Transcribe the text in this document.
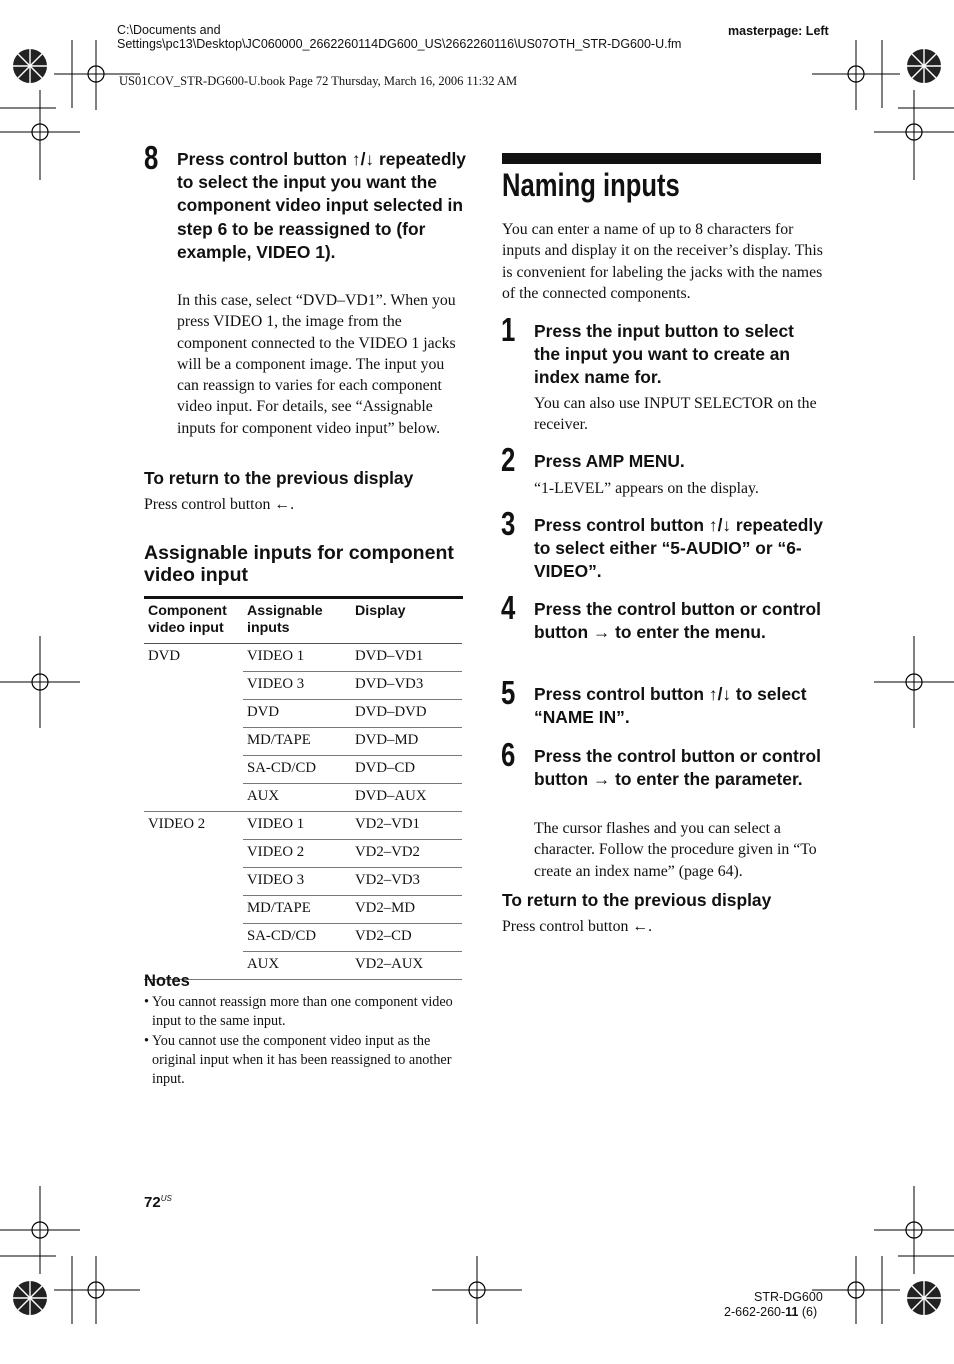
C:\Documents and Settings\pc13\Desktop\JC060000_2662260114DG600_US\2662260116\US07OTH_STR-DG600-U.fm
US01COV_STR-DG600-U.book Page 72 Thursday, March 16, 2006 11:32 AM
masterpage: Left
8 Press control button ↑/↓ repeatedly to select the input you want the component video input selected in step 6 to be reassigned to (for example, VIDEO 1).
In this case, select “DVD–VD1”. When you press VIDEO 1, the image from the component connected to the VIDEO 1 jacks will be a component image. The input you can reassign to varies for each component video input. For details, see “Assignable inputs for component video input” below.
To return to the previous display
Press control button ←.
Assignable inputs for component video input
Component video input	Assignable inputs	Display
DVD	VIDEO 1	DVD–VD1
	VIDEO 3	DVD–VD3
	DVD	DVD–DVD
	MD/TAPE	DVD–MD
	SA-CD/CD	DVD–CD
	AUX	DVD–AUX
VIDEO 2	VIDEO 1	VD2–VD1
	VIDEO 2	VD2–VD2
	VIDEO 3	VD2–VD3
	MD/TAPE	VD2–MD
	SA-CD/CD	VD2–CD
	AUX	VD2–AUX
Notes
• You cannot reassign more than one component video input to the same input.
• You cannot use the component video input as the original input when it has been reassigned to another input.
Naming inputs
You can enter a name of up to 8 characters for inputs and display it on the receiver’s display. This is convenient for labeling the jacks with the names of the connected components.
1 Press the input button to select the input you want to create an index name for.
You can also use INPUT SELECTOR on the receiver.
2 Press AMP MENU.
“1-LEVEL” appears on the display.
3 Press control button ↑/↓ repeatedly to select either “5-AUDIO” or “6-VIDEO”.
4 Press the control button or control button → to enter the menu.
5 Press control button ↑/↓ to select “NAME IN”.
6 Press the control button or control button → to enter the parameter.
The cursor flashes and you can select a character. Follow the procedure given in “To create an index name” (page 64).
To return to the previous display
Press control button ←.
$72^{US}$
STR-DG600
2-662-260-11 (6)
